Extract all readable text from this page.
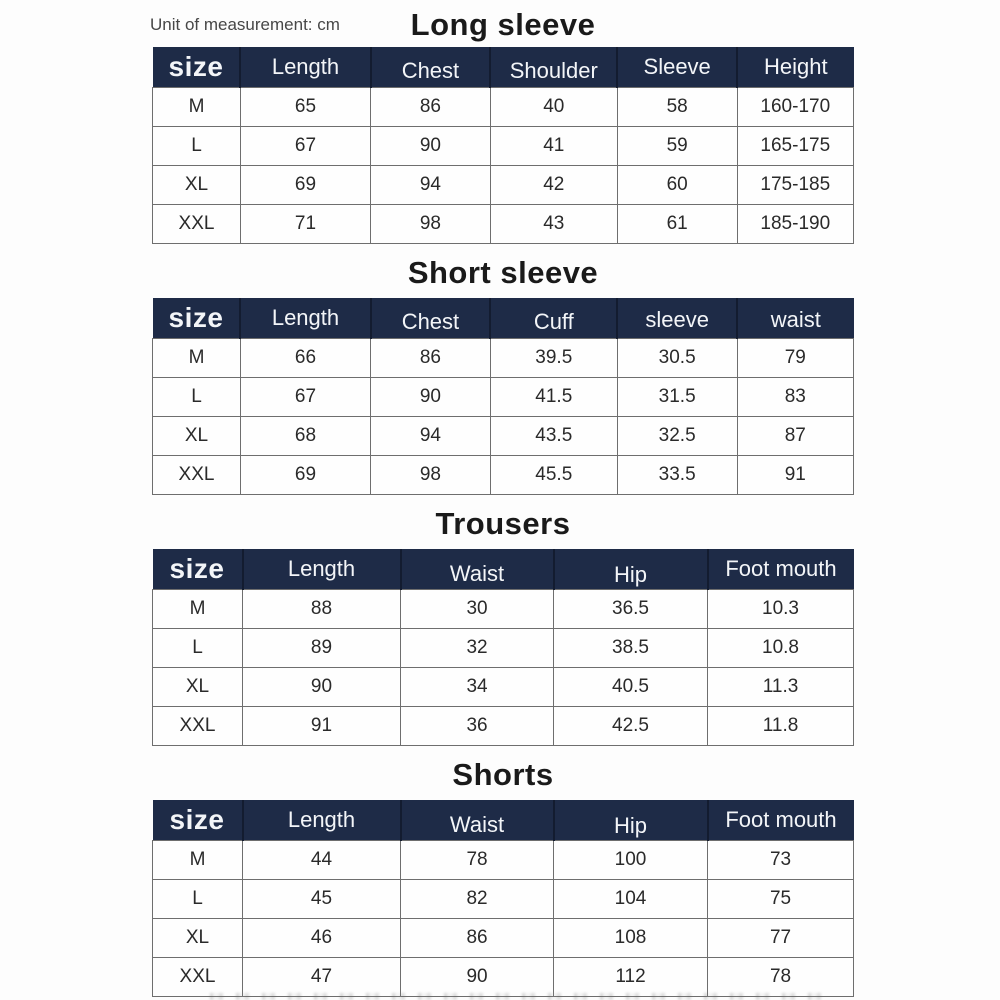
Long sleeve
Unit of measurement: cm
size	Length	Chest	Shoulder	Sleeve	Height
M	65	86	40	58	160-170
L	67	90	41	59	165-175
XL	69	94	42	60	175-185
XXL	71	98	43	61	185-190
Short sleeve
size	Length	Chest	Cuff	sleeve	waist
M	66	86	39.5	30.5	79
L	67	90	41.5	31.5	83
XL	68	94	43.5	32.5	87
XXL	69	98	45.5	33.5	91
Trousers
size	Length	Waist	Hip	Foot mouth
M	88	30	36.5	10.3
L	89	32	38.5	10.8
XL	90	34	40.5	11.3
XXL	91	36	42.5	11.8
Shorts
size	Length	Waist	Hip	Foot mouth
M	44	78	100	73
L	45	82	104	75
XL	46	86	108	77
XXL	47	90	112	78
